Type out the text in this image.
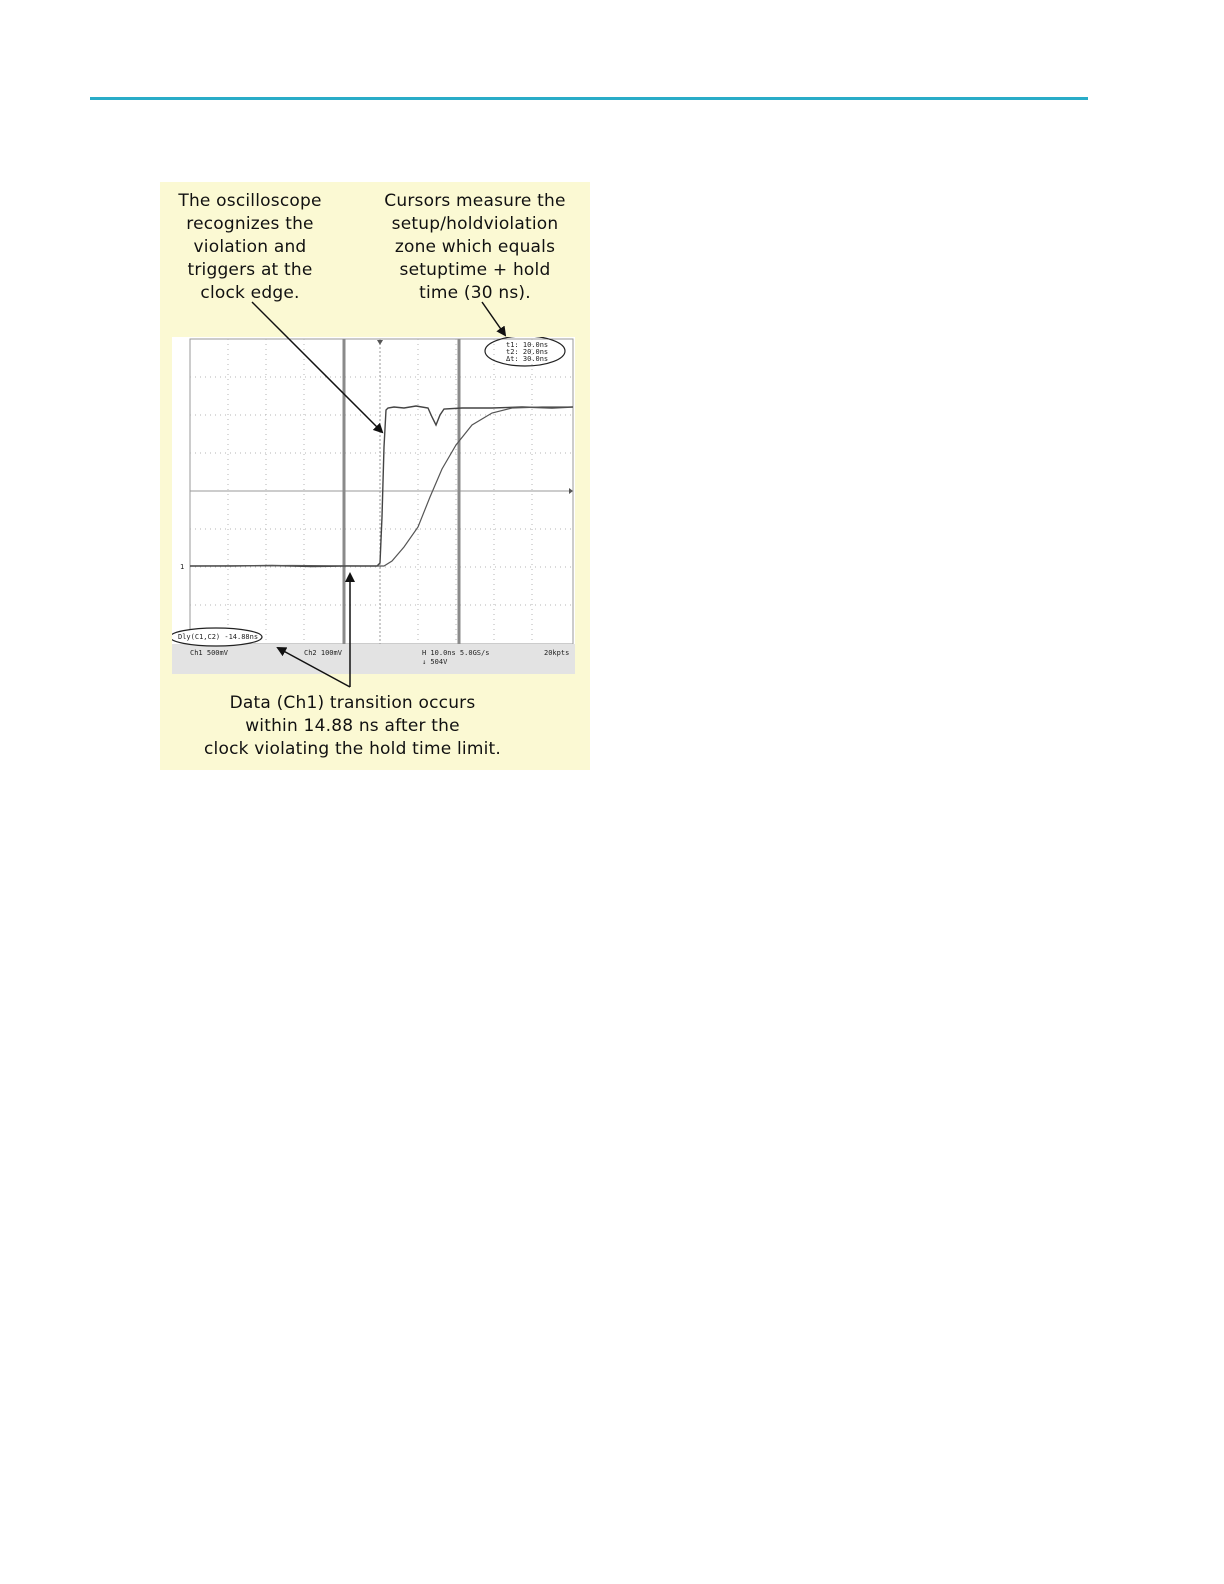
The oscilloscope
recognizes the
violation and
triggers at the
clock edge.
Cursors measure the
setup/holdviolation
zone which equals
setuptime + hold
time (30 ns).
1
t1: 10.0ns
t2: 20.0ns
Δt: 30.0ns
Dly(C1,C2) -14.88ns
Ch1 500mV	Ch2 100mV	H 10.0ns 5.0GS/s
↓ 504V
20kpts
Data (Ch1) transition occurs
within 14.88 ns after the
clock violating the hold time limit.
